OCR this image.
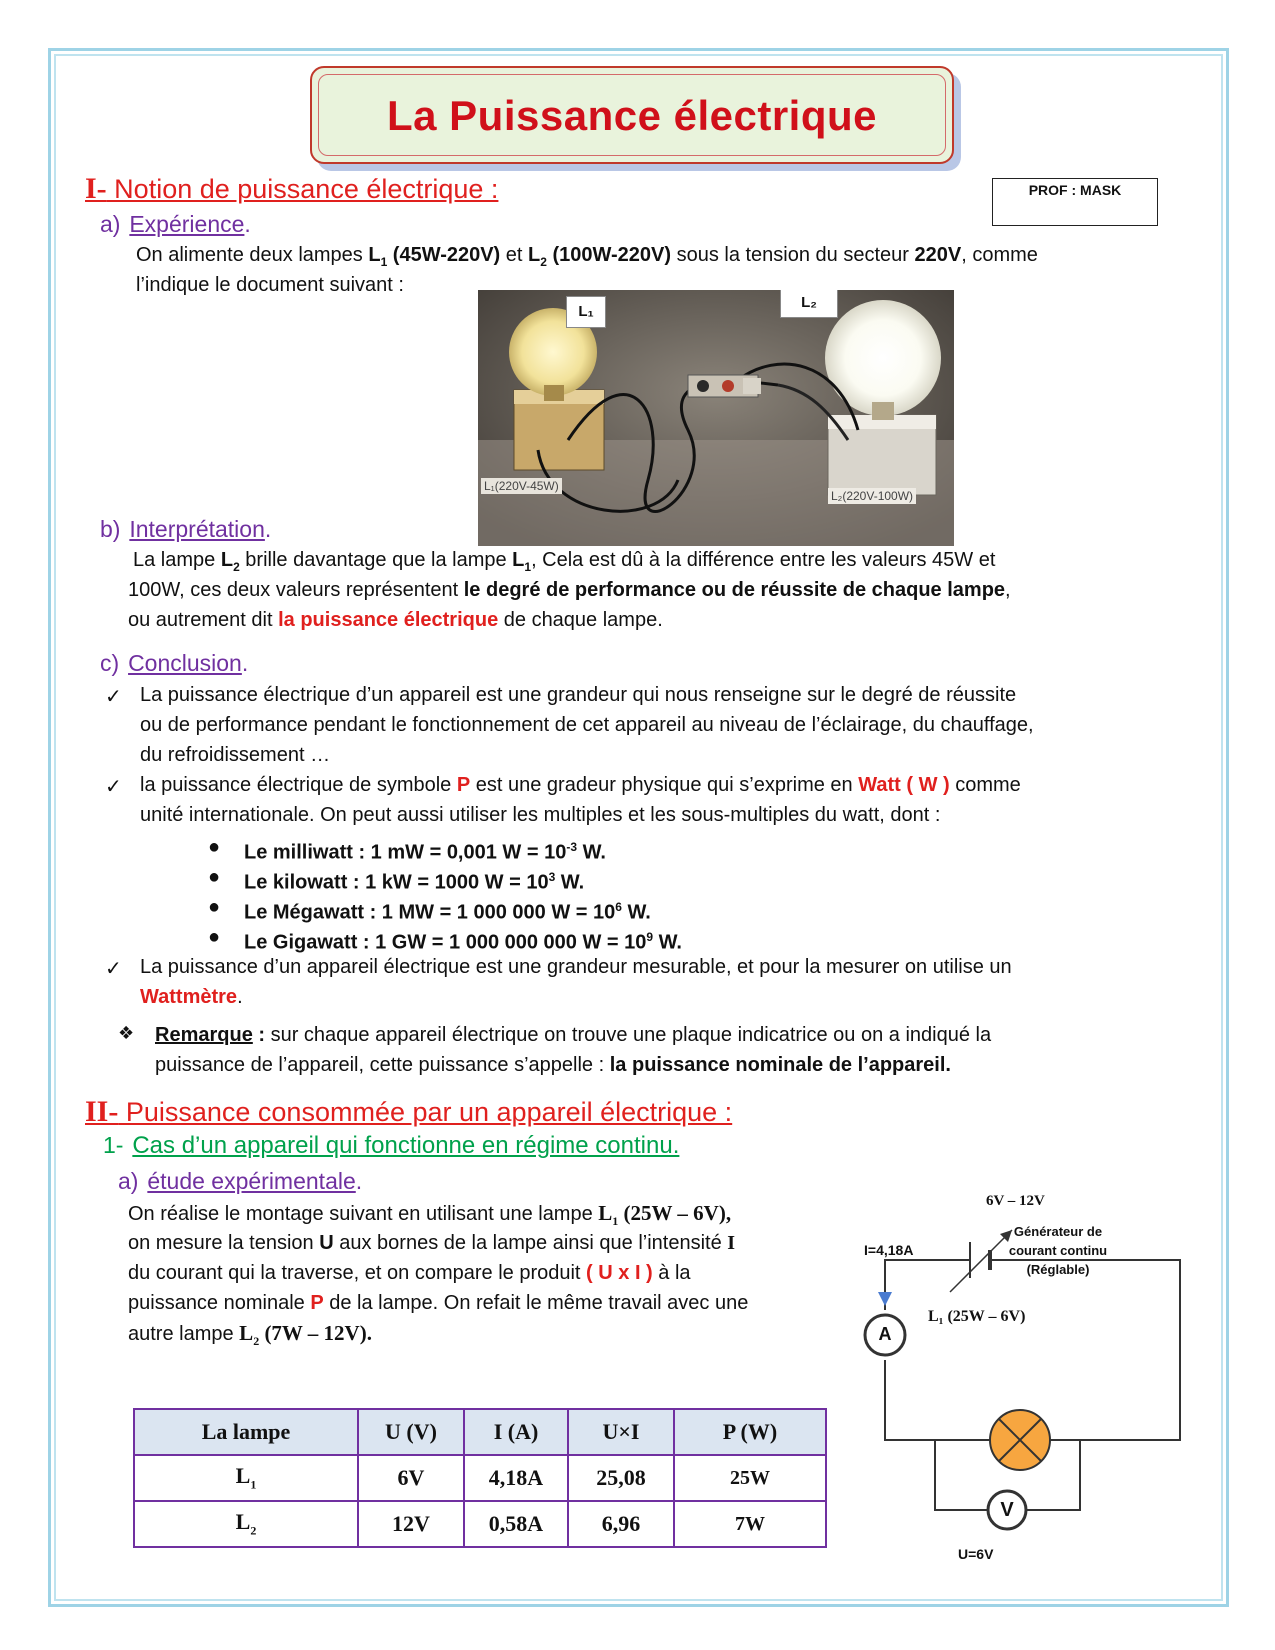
La Puissance électrique
PROF : MASK
I- Notion de puissance électrique :
a) Expérience.
On alimente deux lampes $L_1$ (45W-220V) et $L_2$ (100W-220V) sous la tension du secteur 220V, comme
l’indique le document suivant :
L₁
L₂
L₁(220V-45W)
L₂(220V-100W)
b) Interprétation.
La lampe $L_2$ brille davantage que la lampe $L_1$, Cela est dû à la différence entre les valeurs 45W et
100W, ces deux valeurs représentent le degré de performance ou de réussite de chaque lampe,
ou autrement dit la puissance électrique de chaque lampe.
c) Conclusion.
✓ La puissance électrique d’un appareil est une grandeur qui nous renseigne sur le degré de réussite
ou de performance pendant le fonctionnement de cet appareil au niveau de l’éclairage, du chauffage,
du refroidissement …
✓ la puissance électrique de symbole P est une gradeur physique qui s’exprime en Watt ( W ) comme
unité internationale. On peut aussi utiliser les multiples et les sous-multiples du watt, dont :
● Le milliwatt : 1 mW = 0,001 $W = 10^{-3}$ W.
● Le kilowatt : 1 kW = 1000 $W = 10^3$ W.
● Le Mégawatt : 1 MW = 1 000 000 $W = 10^6$ W.
● Le Gigawatt : 1 GW = 1 000 000 000 $W = 10^9$ W.
✓ La puissance d’un appareil électrique est une grandeur mesurable, et pour la mesurer on utilise un
Wattmètre.
❖ Remarque : sur chaque appareil électrique on trouve une plaque indicatrice ou on a indiqué la
puissance de l’appareil, cette puissance s’appelle : la puissance nominale de l’appareil.
II- Puissance consommée par un appareil électrique :
1- Cas d’un appareil qui fonctionne en régime continu.
a) étude expérimentale.
On réalise le montage suivant en utilisant une lampe $L_1$ (25W – 6V),
on mesure la tension U aux bornes de la lampe ainsi que l’intensité I
du courant qui la traverse, et on compare le produit ( U x I ) à la
puissance nominale P de la lampe. On refait le même travail avec une
autre lampe $L_2$ (7W – 12V).
La lampe	U (V)	I (A)	U×I	P (W)
$L_1$	6V	4,18A	25,08	25W
$L_2$	12V	0,58A	6,96	7W
6V – 12V
Générateur de
courant continu
(Réglable)
I=4,18A
A
L₁ (25W – 6V)
V
U=6V
